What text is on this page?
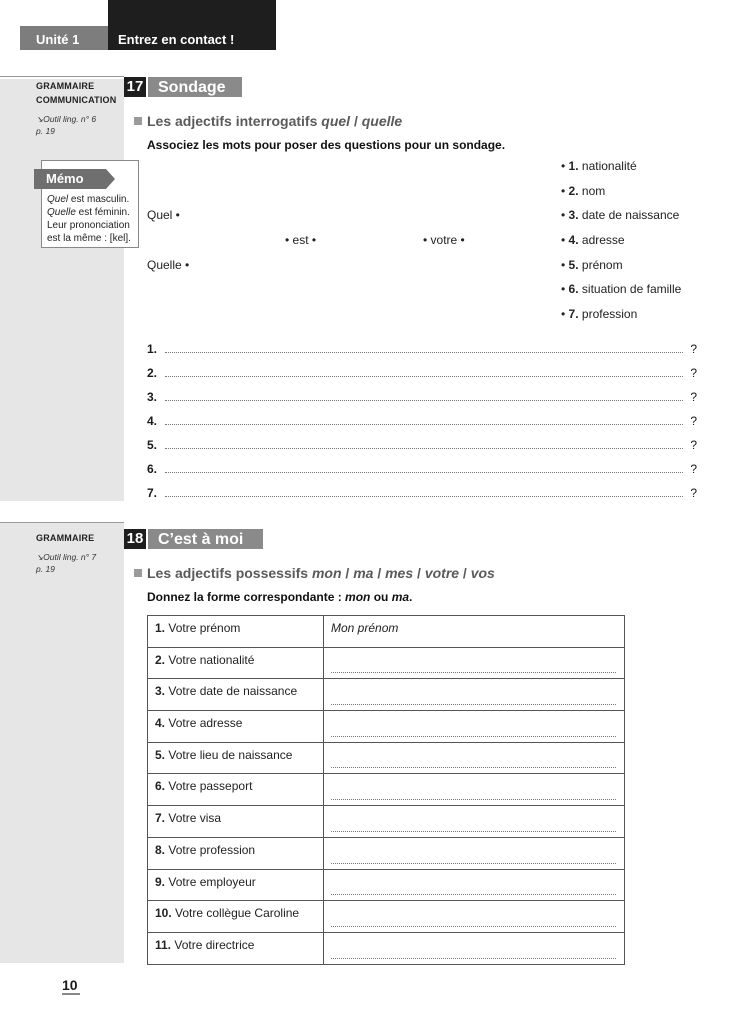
Unité 1	Entrez en contact !
GRAMMAIRE
COMMUNICATION
↘Outil ling. n° 6
p. 19
Mémo
Quel est masculin.
Quelle est féminin.
Leur prononciation
est la même : [kel].
17 Sondage
Les adjectifs interrogatifs quel / quelle
Associez les mots pour poser des questions pour un sondage.
Quel •
Quelle •
• est •	• votre •
• 1. nationalité
• 2. nom
• 3. date de naissance
• 4. adresse
• 5. prénom
• 6. situation de famille
• 7. profession
1.	?
2.	?
3.	?
4.	?
5.	?
6.	?
7.	?
GRAMMAIRE
↘Outil ling. n° 7
p. 19
18 C’est à moi
Les adjectifs possessifs mon / ma / mes / votre / vos
Donnez la forme correspondante : mon ou ma.
1. Votre prénom	Mon prénom
2. Votre nationalité	

3. Votre date de naissance	

4. Votre adresse	

5. Votre lieu de naissance	

6. Votre passeport	

7. Votre visa	

8. Votre profession	

9. Votre employeur	

10. Votre collègue Caroline	

11. Votre directrice	
10
